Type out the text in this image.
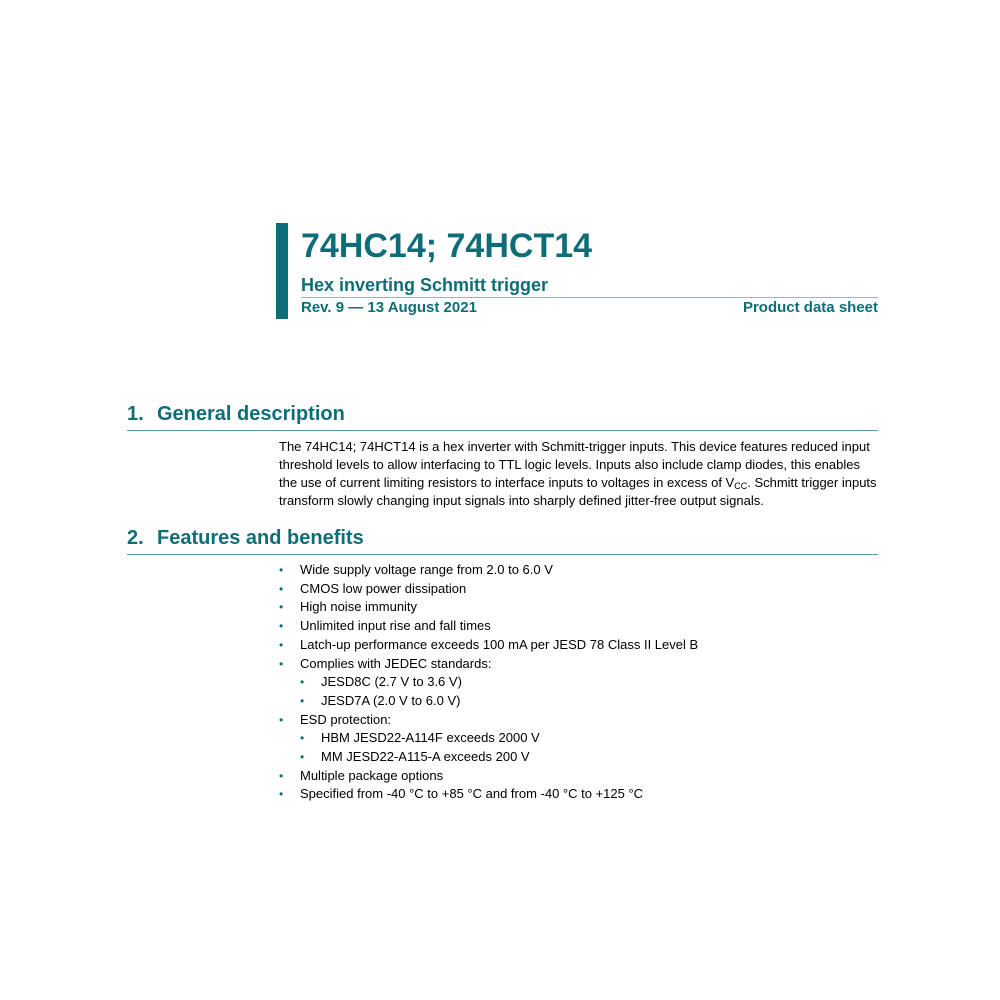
74HC14; 74HCT14
Hex inverting Schmitt trigger
Rev. 9 — 13 August 2021	Product data sheet
1. General description

The 74HC14; 74HCT14 is a hex inverter with Schmitt-trigger inputs. This device features reduced input threshold levels to allow interfacing to TTL logic levels. Inputs also include clamp diodes, this enables the use of current limiting resistors to interface inputs to voltages in excess of $V_{CC}$. Schmitt trigger inputs transform slowly changing input signals into sharply defined jitter-free output signals.

2. Features and benefits
• Wide supply voltage range from 2.0 to 6.0 V
• CMOS low power dissipation
• High noise immunity
• Unlimited input rise and fall times
• Latch-up performance exceeds 100 mA per JESD 78 Class II Level B
• Complies with JEDEC standards:
• JESD8C (2.7 V to 3.6 V)
• JESD7A (2.0 V to 6.0 V)
• ESD protection:
• HBM JESD22-A114F exceeds 2000 V
• MM JESD22-A115-A exceeds 200 V
• Multiple package options
• Specified from -40 °C to +85 °C and from -40 °C to +125 °C
